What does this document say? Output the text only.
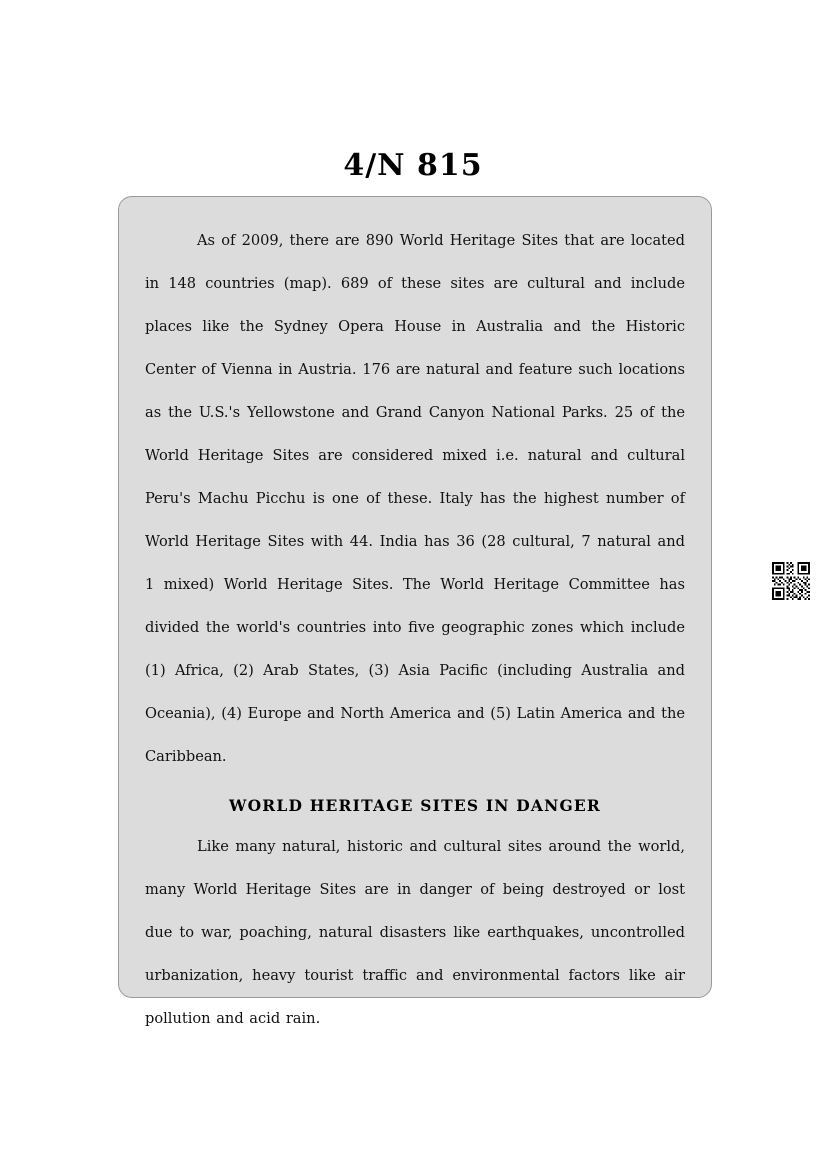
4/N 815

As of 2009, there are 890 World Heritage Sites that are located in 148 countries (map). 689 of these sites are cultural and include places like the Sydney Opera House in Australia and the Historic Center of Vienna in Austria. 176 are natural and feature such locations as the U.S.'s Yellowstone and Grand Canyon National Parks. 25 of the World Heritage Sites are considered mixed i.e. natural and cultural Peru's Machu Picchu is one of these. Italy has the highest number of World Heritage Sites with 44. India has 36 (28 cultural, 7 natural and 1 mixed) World Heritage Sites. The World Heritage Committee has divided the world's countries into five geographic zones which include (1) Africa, (2) Arab States, (3) Asia Pacific (including Australia and Oceania), (4) Europe and North America and (5) Latin America and the Caribbean.

WORLD HERITAGE SITES IN DANGER

Like many natural, historic and cultural sites around the world, many World Heritage Sites are in danger of being destroyed or lost due to war, poaching, natural disasters like earthquakes, uncontrolled urbanization, heavy tourist traffic and environmental factors like air pollution and acid rain.
